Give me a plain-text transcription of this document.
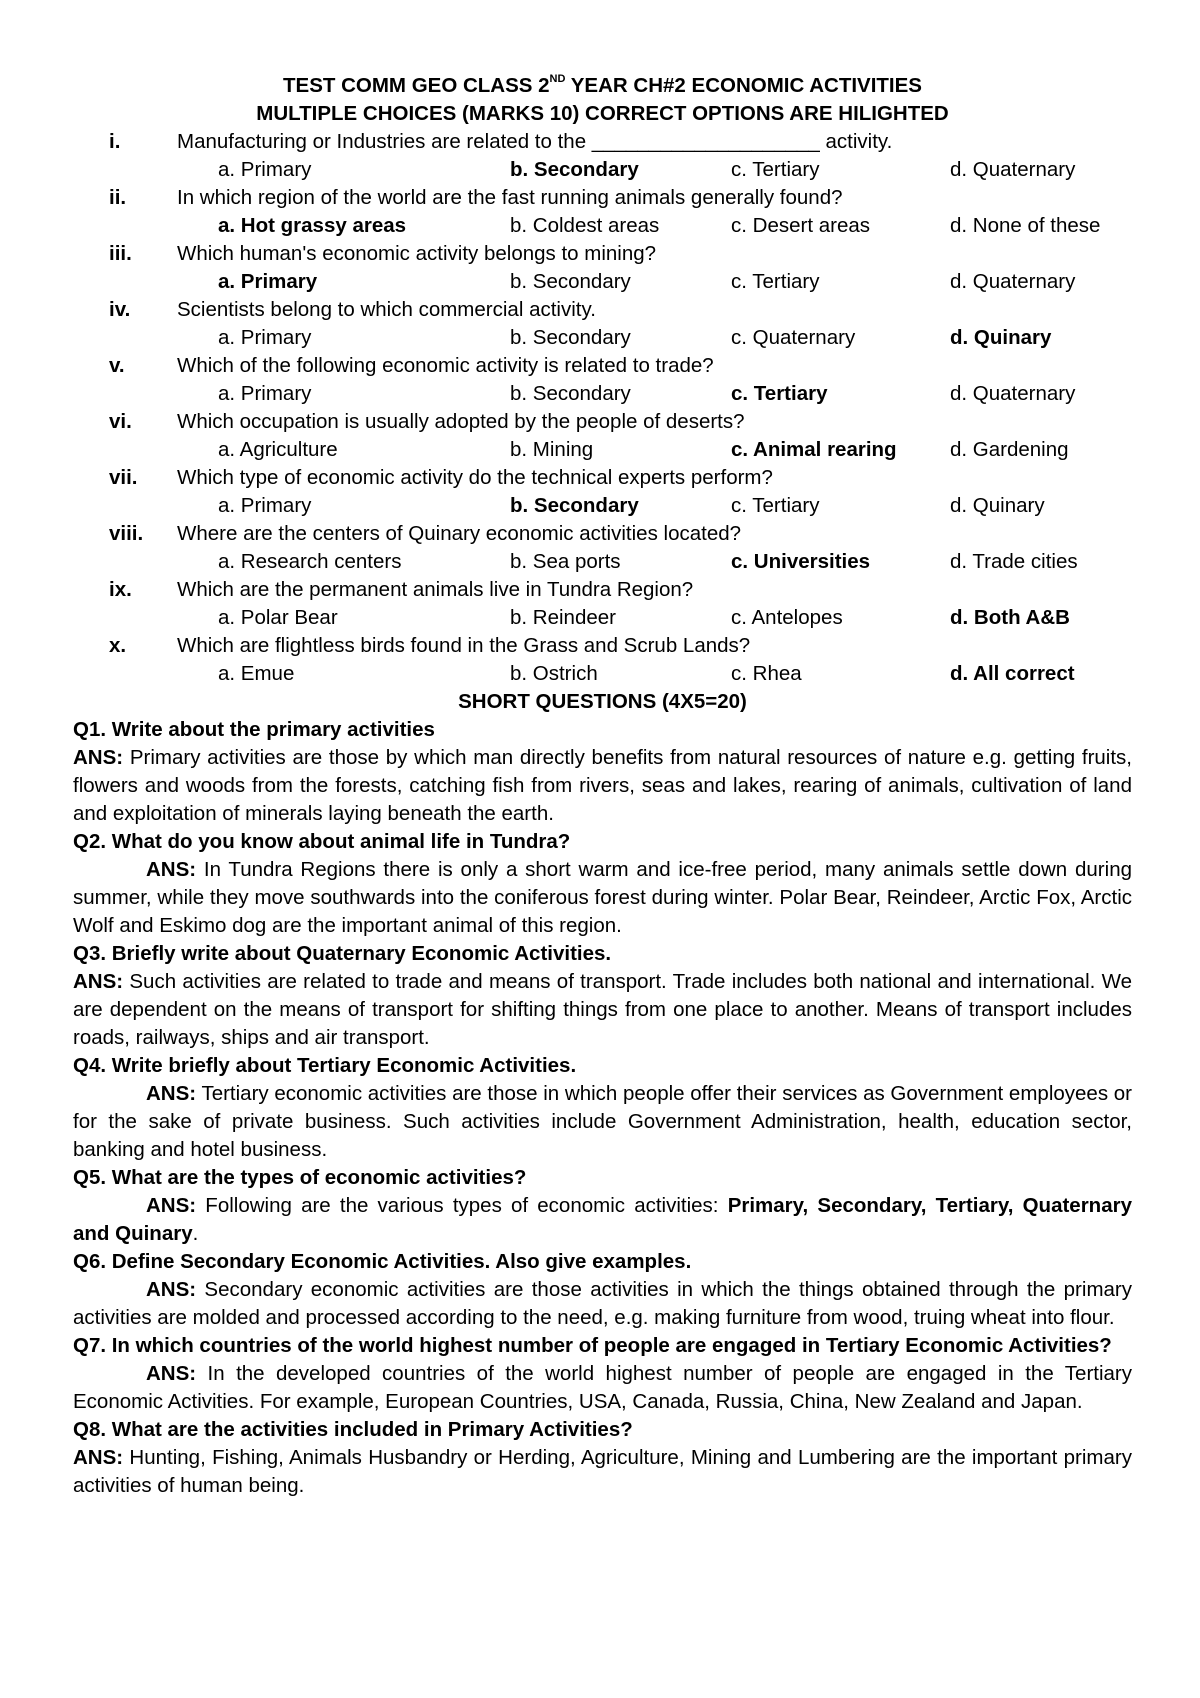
TEST COMM GEO CLASS 2ND YEAR CH#2 ECONOMIC ACTIVITIES
MULTIPLE CHOICES (MARKS 10) CORRECT OPTIONS ARE HILIGHTED
i.	Manufacturing or Industries are related to the ____________________ activity.
a. Primary	b. Secondary	c. Tertiary	d. Quaternary
ii.	In which region of the world are the fast running animals generally found?
a. Hot grassy areas	b. Coldest areas	c. Desert areas	d. None of these
iii.	Which human's economic activity belongs to mining?
a. Primary	b. Secondary	c. Tertiary	d. Quaternary
iv.	Scientists belong to which commercial activity.
a. Primary	b. Secondary	c. Quaternary	d. Quinary
v.	Which of the following economic activity is related to trade?
a. Primary	b. Secondary	c. Tertiary	d. Quaternary
vi.	Which occupation is usually adopted by the people of deserts?
a. Agriculture	b. Mining	c. Animal rearing	d. Gardening
vii.	Which type of economic activity do the technical experts perform?
a. Primary	b. Secondary	c. Tertiary	d. Quinary
viii.	Where are the centers of Quinary economic activities located?
a. Research centers	b. Sea ports	c. Universities	d. Trade cities
ix.	Which are the permanent animals live in Tundra Region?
a. Polar Bear	b. Reindeer	c. Antelopes	d. Both A&B
x.	Which are flightless birds found in the Grass and Scrub Lands?
a. Emue	b. Ostrich	c. Rhea	d. All correct
SHORT QUESTIONS (4X5=20)
Q1. Write about the primary activities
ANS: Primary activities are those by which man directly benefits from natural resources of nature e.g. getting fruits, flowers and woods from the forests, catching fish from rivers, seas and lakes, rearing of animals, cultivation of land and exploitation of minerals laying beneath the earth.
Q2. What do you know about animal life in Tundra?
ANS: In Tundra Regions there is only a short warm and ice-free period, many animals settle down during summer, while they move southwards into the coniferous forest during winter. Polar Bear, Reindeer, Arctic Fox, Arctic Wolf and Eskimo dog are the important animal of this region.
Q3. Briefly write about Quaternary Economic Activities.
ANS: Such activities are related to trade and means of transport. Trade includes both national and international. We are dependent on the means of transport for shifting things from one place to another. Means of transport includes roads, railways, ships and air transport.
Q4. Write briefly about Tertiary Economic Activities.
ANS: Tertiary economic activities are those in which people offer their services as Government employees or for the sake of private business. Such activities include Government Administration, health, education sector, banking and hotel business.
Q5. What are the types of economic activities?
ANS: Following are the various types of economic activities: Primary, Secondary, Tertiary, Quaternary and Quinary.
Q6. Define Secondary Economic Activities. Also give examples.
ANS: Secondary economic activities are those activities in which the things obtained through the primary activities are molded and processed according to the need, e.g. making furniture from wood, truing wheat into flour.
Q7. In which countries of the world highest number of people are engaged in Tertiary Economic Activities?
ANS: In the developed countries of the world highest number of people are engaged in the Tertiary Economic Activities. For example, European Countries, USA, Canada, Russia, China, New Zealand and Japan.
Q8. What are the activities included in Primary Activities?
ANS: Hunting, Fishing, Animals Husbandry or Herding, Agriculture, Mining and Lumbering are the important primary activities of human being.
